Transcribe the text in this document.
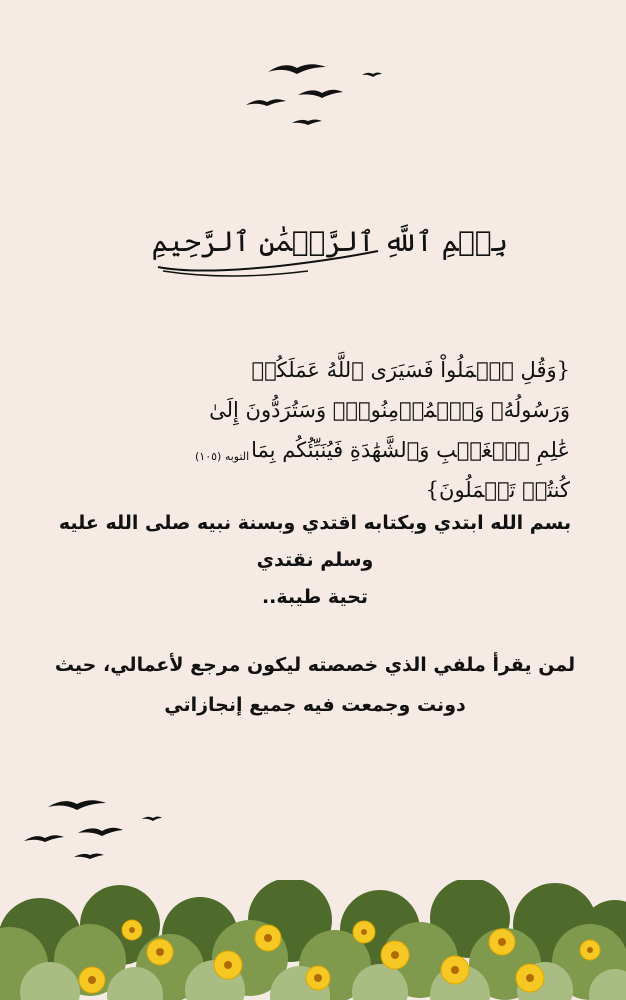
بِسۡمِ ٱللَّهِ ٱلرَّحۡمَٰنِ ٱلرَّحِيمِ
{وَقُلِ ٱعۡمَلُواْ فَسَيَرَى ٱللَّهُ عَمَلَكُمۡ وَرَسُولُهُۥ وَٱلۡمُؤۡمِنُونَۖ وَسَتُرَدُّونَ إِلَىٰ عَٰلِمِ ٱلۡغَيۡبِ وَٱلشَّهَٰدَةِ فَيُنَبِّئُكُم بِمَا كُنتُمۡ تَعۡمَلُونَ}
التوبه (١٠٥)
بسم الله ابتدي وبكتابه اقتدي وبسنة نبيه صلى الله عليه
وسلم نقتدي
تحية طيبة..
لمن يقرأ ملفي الذي خصصته ليكون مرجع لأعمالي، حيث
دونت وجمعت فيه جميع إنجازاتي
